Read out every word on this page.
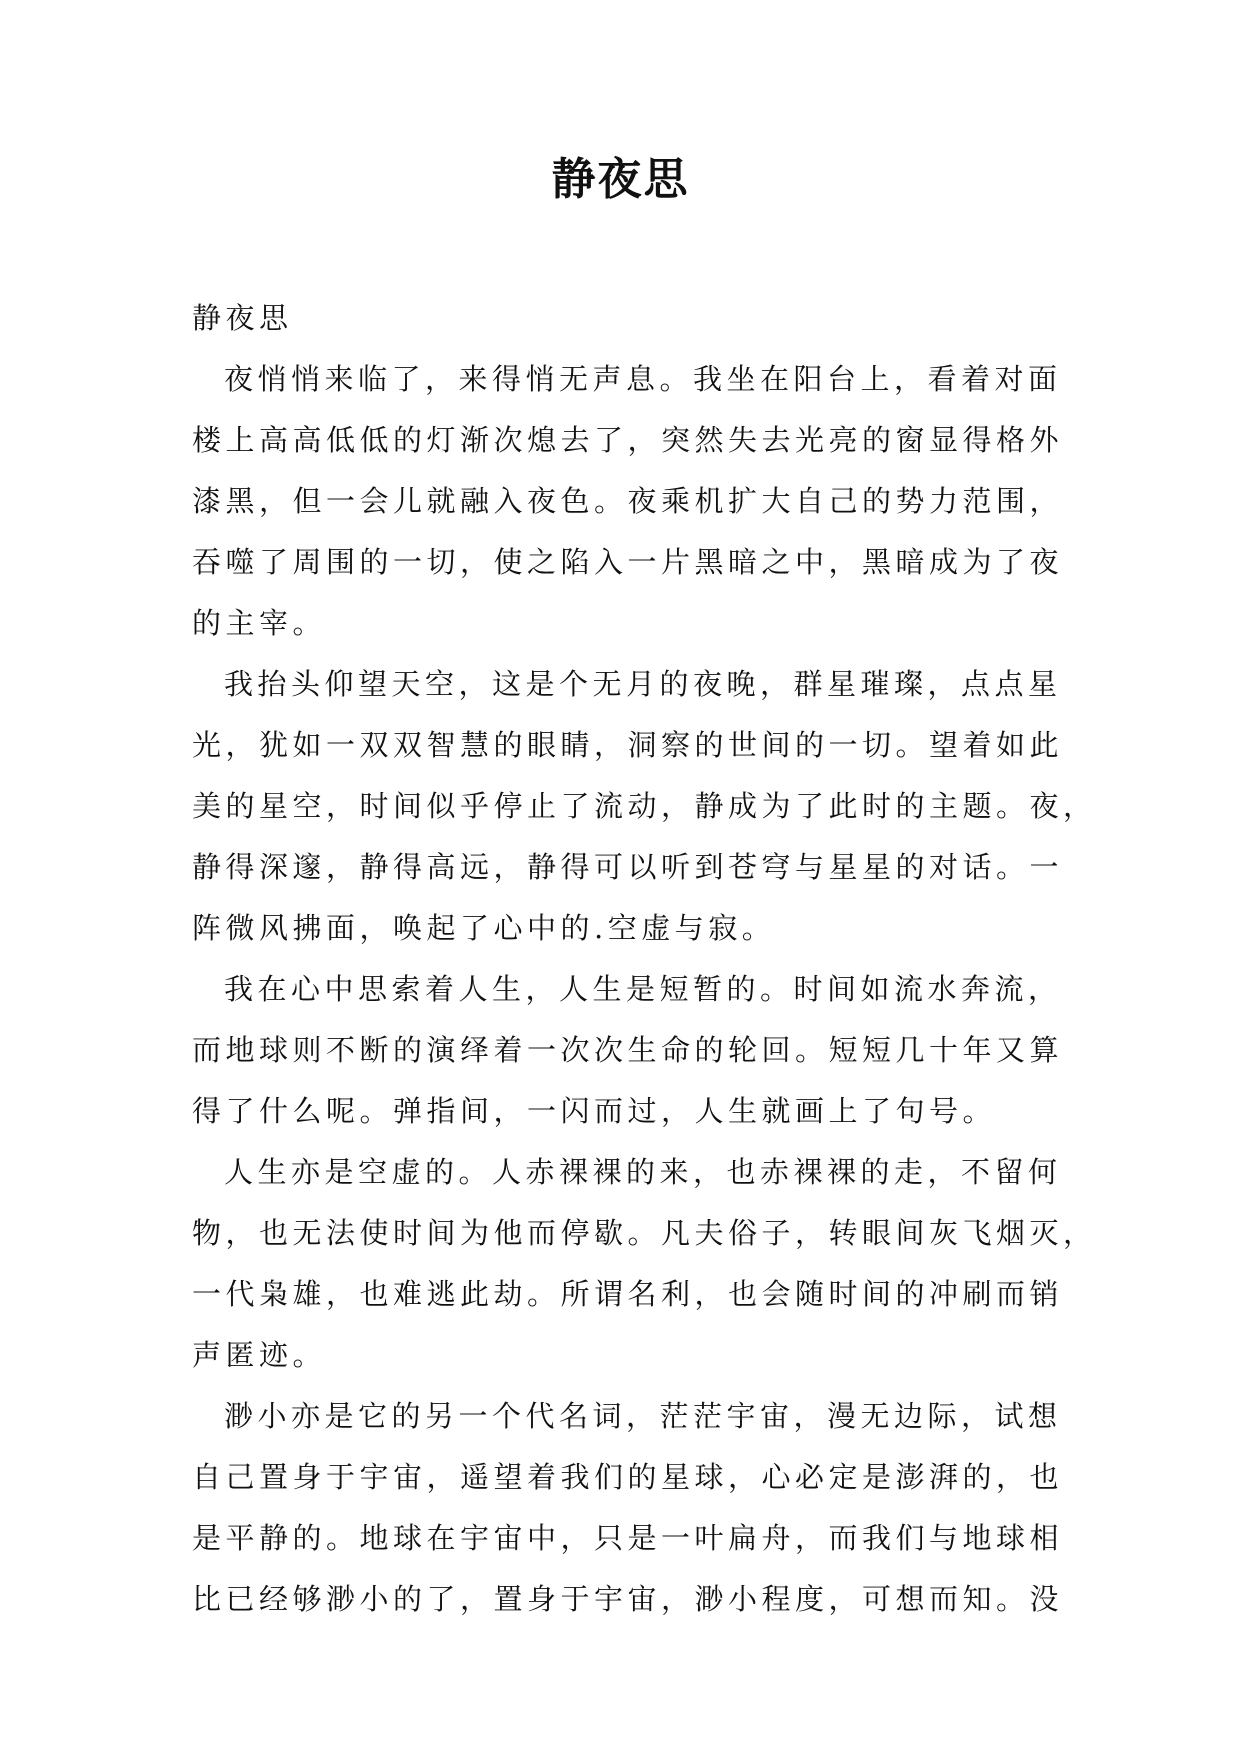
静夜思

静夜思

夜悄悄来临了，来得悄无声息。我坐在阳台上，看着对面
楼上高高低低的灯渐次熄去了，突然失去光亮的窗显得格外
漆黑，但一会儿就融入夜色。夜乘机扩大自己的势力范围，
吞噬了周围的一切，使之陷入一片黑暗之中，黑暗成为了夜
的主宰。

我抬头仰望天空，这是个无月的夜晚，群星璀璨，点点星
光，犹如一双双智慧的眼睛，洞察的世间的一切。望着如此
美的星空，时间似乎停止了流动，静成为了此时的主题。夜，
静得深邃，静得高远，静得可以听到苍穹与星星的对话。一
阵微风拂面，唤起了心中的.空虚与寂。

我在心中思索着人生，人生是短暂的。时间如流水奔流，
而地球则不断的演绎着一次次生命的轮回。短短几十年又算
得了什么呢。弹指间，一闪而过，人生就画上了句号。

人生亦是空虚的。人赤裸裸的来，也赤裸裸的走，不留何
物，也无法使时间为他而停歇。凡夫俗子，转眼间灰飞烟灭，
一代枭雄，也难逃此劫。所谓名利，也会随时间的冲刷而销
声匿迹。

渺小亦是它的另一个代名词，茫茫宇宙，漫无边际，试想
自己置身于宇宙，遥望着我们的星球，心必定是澎湃的，也
是平静的。地球在宇宙中，只是一叶扁舟，而我们与地球相
比已经够渺小的了，置身于宇宙，渺小程度，可想而知。没
